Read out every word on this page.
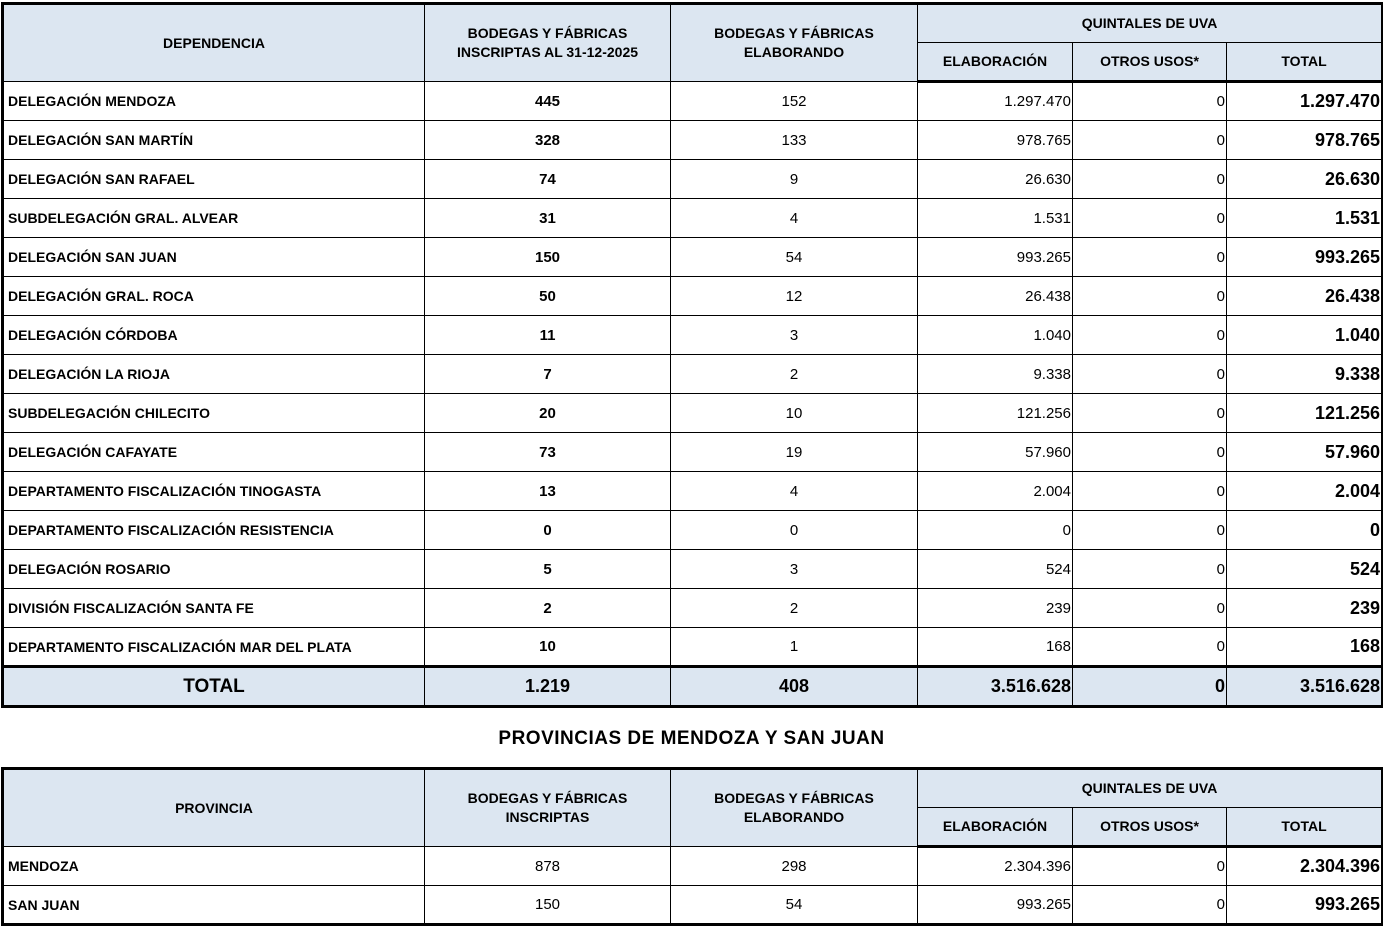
DEPENDENCIA	BODEGAS Y FÁBRICAS INSCRIPTAS AL 31-12-2025	BODEGAS Y FÁBRICAS ELABORANDO	QUINTALES DE UVA		
			ELABORACIÓN	OTROS USOS*	TOTAL
DELEGACIÓN MENDOZA	445	152	1.297.470	0	1.297.470
DELEGACIÓN SAN MARTÍN	328	133	978.765	0	978.765
DELEGACIÓN SAN RAFAEL	74	9	26.630	0	26.630
SUBDELEGACIÓN GRAL. ALVEAR	31	4	1.531	0	1.531
DELEGACIÓN SAN JUAN	150	54	993.265	0	993.265
DELEGACIÓN GRAL. ROCA	50	12	26.438	0	26.438
DELEGACIÓN CÓRDOBA	11	3	1.040	0	1.040
DELEGACIÓN LA RIOJA	7	2	9.338	0	9.338
SUBDELEGACIÓN CHILECITO	20	10	121.256	0	121.256
DELEGACIÓN CAFAYATE	73	19	57.960	0	57.960
DEPARTAMENTO FISCALIZACIÓN TINOGASTA	13	4	2.004	0	2.004
DEPARTAMENTO FISCALIZACIÓN RESISTENCIA	0	0	0	0	0
DELEGACIÓN ROSARIO	5	3	524	0	524
DIVISIÓN FISCALIZACIÓN SANTA FE	2	2	239	0	239
DEPARTAMENTO FISCALIZACIÓN MAR DEL PLATA	10	1	168	0	168
TOTAL	1.219	408	3.516.628	0	3.516.628
PROVINCIAS DE MENDOZA Y SAN JUAN
PROVINCIA	BODEGAS Y FÁBRICAS INSCRIPTAS	BODEGAS Y FÁBRICAS ELABORANDO	QUINTALES DE UVA		
			ELABORACIÓN	OTROS USOS*	TOTAL
MENDOZA	878	298	2.304.396	0	2.304.396
SAN JUAN	150	54	993.265	0	993.265
